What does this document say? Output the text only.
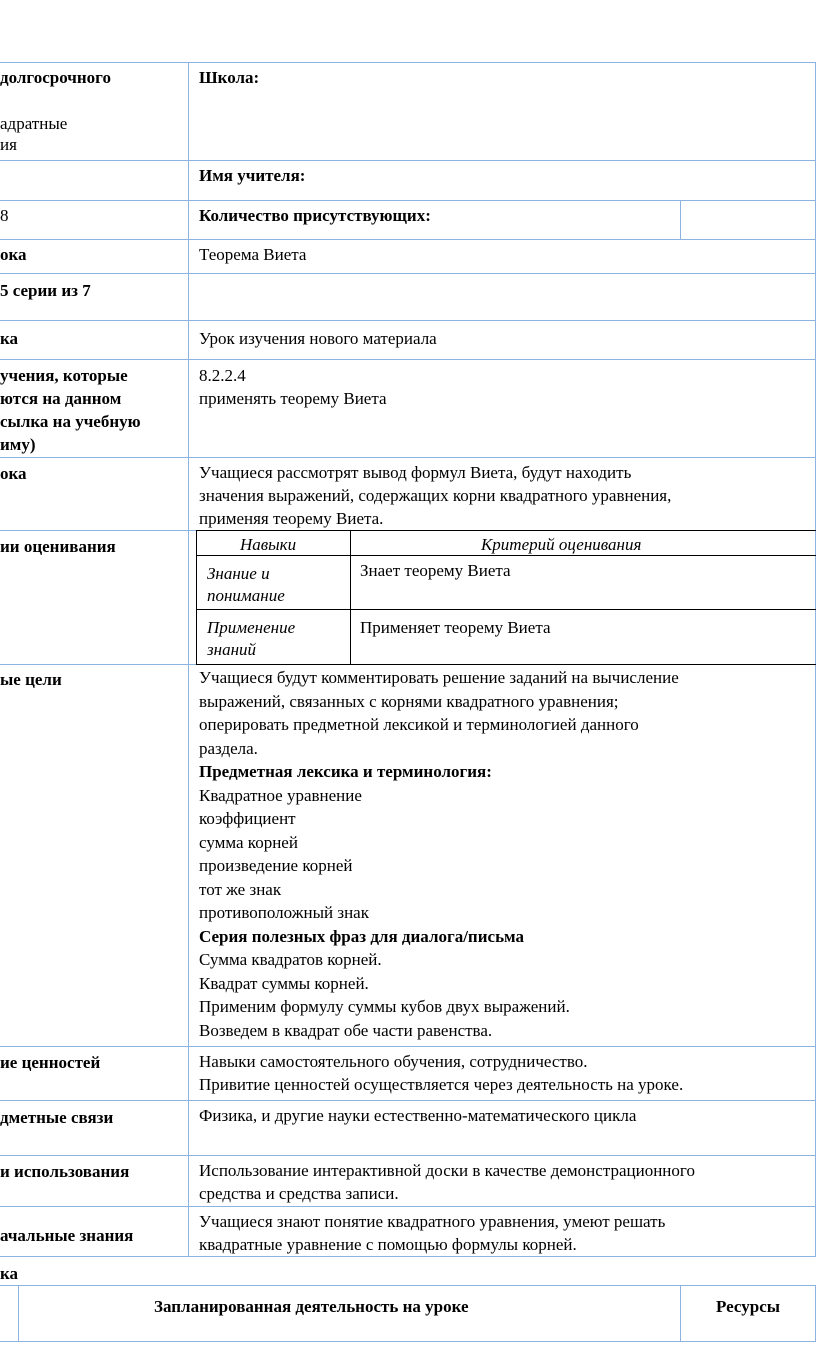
долгосрочного
адратные
ия
8
ока
5 серии из 7
ка
учения, которые
ются на данном
сылка на учебную
иму)
ока
ии оценивания
ые цели
ие ценностей
дметные связи
и использования
ачальные знания
ка
Школа:
Имя учителя:
Количество присутствующих:
Теорема Виета
Урок изучения нового материала
8.2.2.4
применять теорему Виета
Учащиеся рассмотрят вывод формул Виета, будут находить
значения выражений, содержащих корни квадратного уравнения,
применяя теорему Виета.
Навыки	Критерий оценивания
Знание и
понимание
Знает теорему Виета
Применение
знаний
Применяет теорему Виета
Учащиеся будут комментировать решение заданий на вычисление
выражений, связанных с корнями квадратного уравнения;
оперировать предметной лексикой и терминологией данного
раздела.
Предметная лексика и терминология:
Квадратное уравнение
коэффициент
сумма корней
произведение корней
тот же знак
противоположный знак
Серия полезных фраз для диалога/письма
Сумма квадратов корней.
Квадрат суммы корней.
Применим формулу суммы кубов двух выражений.
Возведем в квадрат обе части равенства.
Навыки самостоятельного обучения, сотрудничество.
Привитие ценностей осуществляется через деятельность на уроке.
Физика, и другие науки естественно-математического цикла
Использование интерактивной доски в качестве демонстрационного
средства и средства записи.
Учащиеся знают понятие квадратного уравнения, умеют решать
квадратные уравнениe с помощью формулы корней.
Запланированная деятельность на уроке	Ресурсы
